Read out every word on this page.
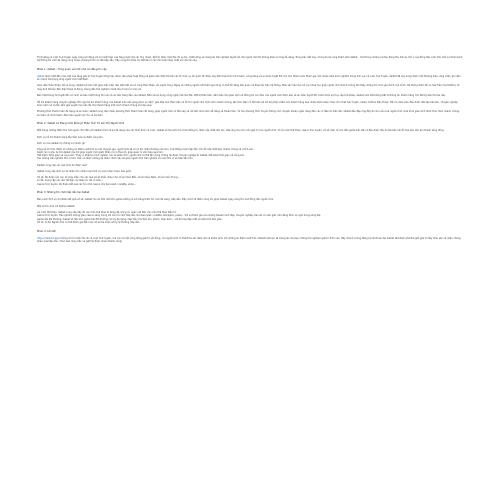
Thị trường cá cược trực tuyến ngày càng sôi động với sự xuất hiện của hàng loạt nhà cái. Tuy nhiên, để tìm được một địa chỉ uy tín, chất lượng và mang lại trải nghiệm tuyệt vời cho người chơi thì không phải ai cũng dễ dàng. Trong bài viết này, chúng ta sẽ cùng khám phá daibet – một trong những cái tên đang thu hút sự chú ý của đông đảo cược thủ nhờ sự minh bạch, hệ thống trò chơi đa dạng cùng nhiều chương trình ưu đãi hấp dẫn. Hãy cùng tìm hiểu chi tiết để có cái nhìn toàn diện nhất về nhà cái này.

Phần 1: daibet - Tổng quan về một nhà cái đáng tin cậy

daibet được biết đến như một nền tảng giải trí trực tuyến tổng hợp, được cấp phép hoạt động và giám sát chặt chẽ bởi các tổ chức uy tín quốc tế. Điều này đảm bảo tính minh bạch, công bằng và an toàn tuyệt đối cho mọi thành viên tham gia. Với nhiều năm kinh nghiệm trong lĩnh vực cá cược trực tuyến, daibet đã xây dựng được một thương hiệu vững chắc, ghi dấu ấn mạnh mẽ trong lòng người chơi Việt Nam.

Giao diện thân thiện, dễ sử dụng: daibet sở hữu một giao diện hiện đại, bắt mắt và vô cùng thân thiện với người dùng. Ngay cả những người mới tham gia cũng có thể dễ dàng làm quen và thao tác trên hệ thống. Màu sắc hài hòa, bố cục khoa học giúp người chơi nhanh chóng tìm thấy những trò chơi yêu thích của mình. Hệ thống được tối ưu hóa trên mọi thiết bị, từ máy tính để bàn đến điện thoại di động, mang đến trải nghiệm mượt mà ở mọi lúc mọi nơi.

Bảo mật thông tin tuyệt đối: An ninh và bảo mật thông tin luôn là ưu tiên hàng đầu của daibet. Nhà cái sử dụng công nghệ mã hóa SSL 128 bit tiên tiến, đảm bảo mọi giao dịch và thông tin cá nhân của người chơi được bảo vệ an toàn tuyệt đối, tránh khỏi sự truy cập trái phép. daibet cam kết không tiết lộ thông tin khách hàng cho bất kỳ bên thứ ba nào.

Hỗ trợ khách hàng chuyên nghiệp: Đội ngũ hỗ trợ khách hàng của daibet luôn sẵn sàng phục vụ 24/7, giải đáp mọi thắc mắc và hỗ trợ người chơi một cách nhanh chóng, tận tình. Bạn có thể liên hệ với bộ phận chăm sóc khách hàng qua nhiều kênh khác nhau như chat trực tuyến, email, hotline điện thoại. Tất cả nhân viên đều được đào tạo bài bản, chuyên nghiệp, luôn niềm nở và tận tâm giải quyết mọi vấn đề cho khách hàng một cách nhanh chóng và hiệu quả.

Phương thức thanh toán đa dạng và an toàn: daibet cung cấp nhiều phương thức thanh toán đa dạng, giúp người chơi có thể nạp và rút tiền một cách dễ dàng và thuận tiện. Từ các phương thức truyền thống như chuyển khoản ngân hàng đến các ví điện tử hiện đại, daibet đều đáp ứng đầy đủ nhu cầu của người chơi. Quá trình giao dịch được thực hiện nhanh chóng, an toàn và minh bạch, đảm bảo quyền lợi cho cả hai bên.

Phần 2: daibet Có Đáng Chơi Không? Phân Tích Từ Góc Độ Người Chơi

Một trong những điểm thu hút người chơi đến với daibet chính là sự đa dạng của các hình thức cá cược. daibet sở hữu kho trò chơi khổng lồ, được cập nhật liên tục, đáp ứng mọi nhu cầu giải trí của người chơi. Từ cá cược thể thao, casino trực tuyến, xổ số, bắn cá cho đến game bài, tất cả đều được đầu tư bài bản với đồ họa sắc nét, âm thanh sống động.

Dịch vụ hỗ trợ khách hàng tận tâm luôn là điểm cộng lớn.

Dịch vụ của daibet có những ưu nhược gì?

Tổng số lời chơi chấm vô những ưu điểm vượt trội so các chuyển gia, người chơi sẽ có cơ hội nhận thưởng cao hơn, tỉ lệ thắng cược hấp dẫn, tốc độ cập nhật kèo nhanh chóng và chính xác.
Giảm rủi ro phụ lệ: Dù daibet cầu trợ giúp người chơi giảm thiểu rủi ro thua lỗ, giúp quản lý vốn hiệu quả hơn.
Tiết kiệm: Khởi giao và cộng sức: Thay vì phải tự mình nghiên cứu và phân tích, người chơi có thể tận dụng những dự đoán chuyên nghiệp từ daibet, tiết kiệm thời gian và công sức.
Tận hưởng trải nghiệm thú vị hơn: Việc có được những dự đoán chính xác sẽ giúp người chơi trải nghiệm cá cược thú vị và hấp dẫn hơn.

Daibet cung cấp các loại hình dự đoán nào?

daibet cung cấp dịch vụ dự đoán cho nhiều loại hình cá cược khác nhau, bao gồm:

Xổ số: Dự đoán các con số may mắn cho các loại xổ số khác nhau như xổ số miền Bắc, xổ số miền Nam, xổ số miền Trung...
Lô đề: Cung cấp các dàn đề đẹp, dự đoán lô, đề, lô xiên...
Casino trực tuyến: Dự đoán kết quả các trò chơi casino như baccarat, roulette, sicbo...
Phần 3: Những trò chơi hấp dẫn tại daibet

Bên cạnh dịch vụ dự đoán kết quả xổ số, daibet còn sở hữu một kho game khổng lồ với hàng trăm trò chơi đa dạng, hấp dẫn. Đây chính là điểm cộng lớn giúp daibet ngày càng thu hút đông đảo người chơi.

Một số trò chơi nổi bật tại daibet:

Cá cược thể thao: daibet cung cấp đầy đủ các môn thể thao từ bóng đá, bóng rổ, quần vợt đến các môn thể thao điện tử.
Casino trực tuyến: Trải nghiệm không gian casino sang trọng với các trò chơi hấp dẫn như baccarat, roulette, blackjack, poker... Với sự tham gia của những Dealer xinh đẹp, chuyên nghiệp, bạn sẽ có cảm giác như đang thực sự ngồi trong sòng bài.
Game bài đổi thưởng: daibet sở hữu kho game bài đổi thưởng cực kỳ đa dạng, hấp dẫn như tiến lên, phỏm, mậu binh... với đồ họa đẹp mắt và luật chơi đơn giản.
Xổ số, lô đề: Người chơi có thể tham gia đặt cược xổ số ba miền với tỷ lệ thưởng hấp dẫn.
Phần 4: Lời kết

https://daibet1.app/ không chỉ là một nhà cái cá cược trực tuyến, mà còn là một cộng đồng giải trí sôi động, nơi người chơi có thể thỏa sức đam mê và khám phá. Với những ưu điểm vượt trội, daibet hứa hẹn sẽ mang lại cho bạn những trải nghiệm giải trí đỉnh cao. Hãy nhanh chóng đăng ký tài khoản tại daibet để khám phá thế giới giải trí đầy màu sắc và nhận những phần quà hấp dẫn. Chúc bạn may mắn và gặt hái được nhiều thành công!
